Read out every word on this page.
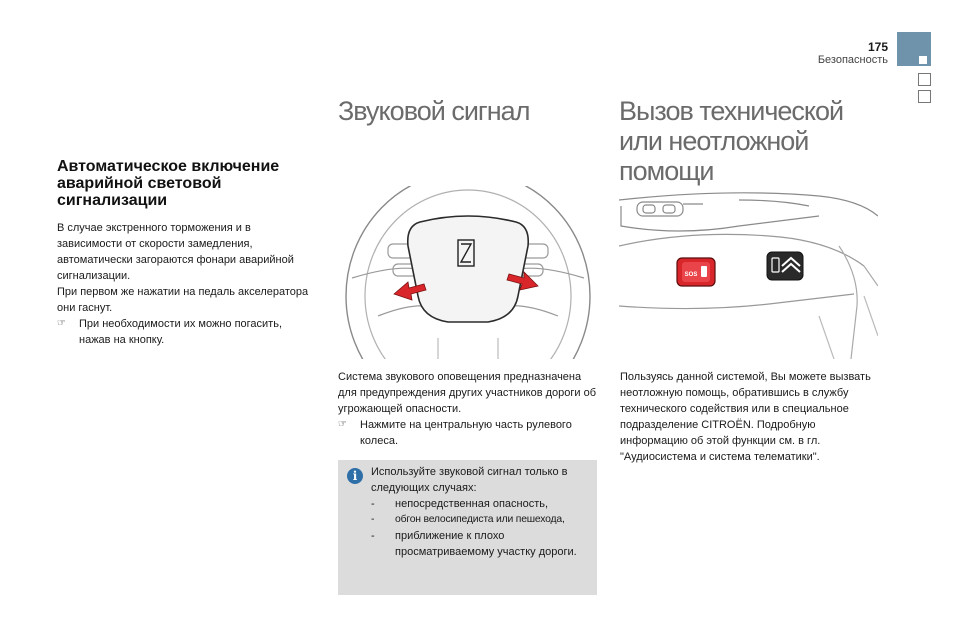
175
Безопасность
Автоматическое включение аварийной световой сигнализации
В случае экстренного торможения и в зависимости от скорости замедления, автоматически загораются фонари аварийной сигнализации.
При первом же нажатии на педаль акселератора они гаснут.
☞ При необходимости их можно погасить, нажав на кнопку.
Звуковой сигнал
Система звукового оповещения предназначена для предупреждения других участников дороги об угрожающей опасности.
☞ Нажмите на центральную часть рулевого колеса.
i
Используйте звуковой сигнал только в следующих случаях:
- непосредственная опасность,
- обгон велосипедиста или пешехода,
- приближение к плохо просматриваемому участку дороги.
Вызов технической или неотложной помощи
SOS
Пользуясь данной системой, Вы можете вызвать неотложную помощь, обратившись в службу технического содействия или в специальное подразделение CITROËN. Подробную информацию об этой функции см. в гл. "Аудиосистема и система телематики".
